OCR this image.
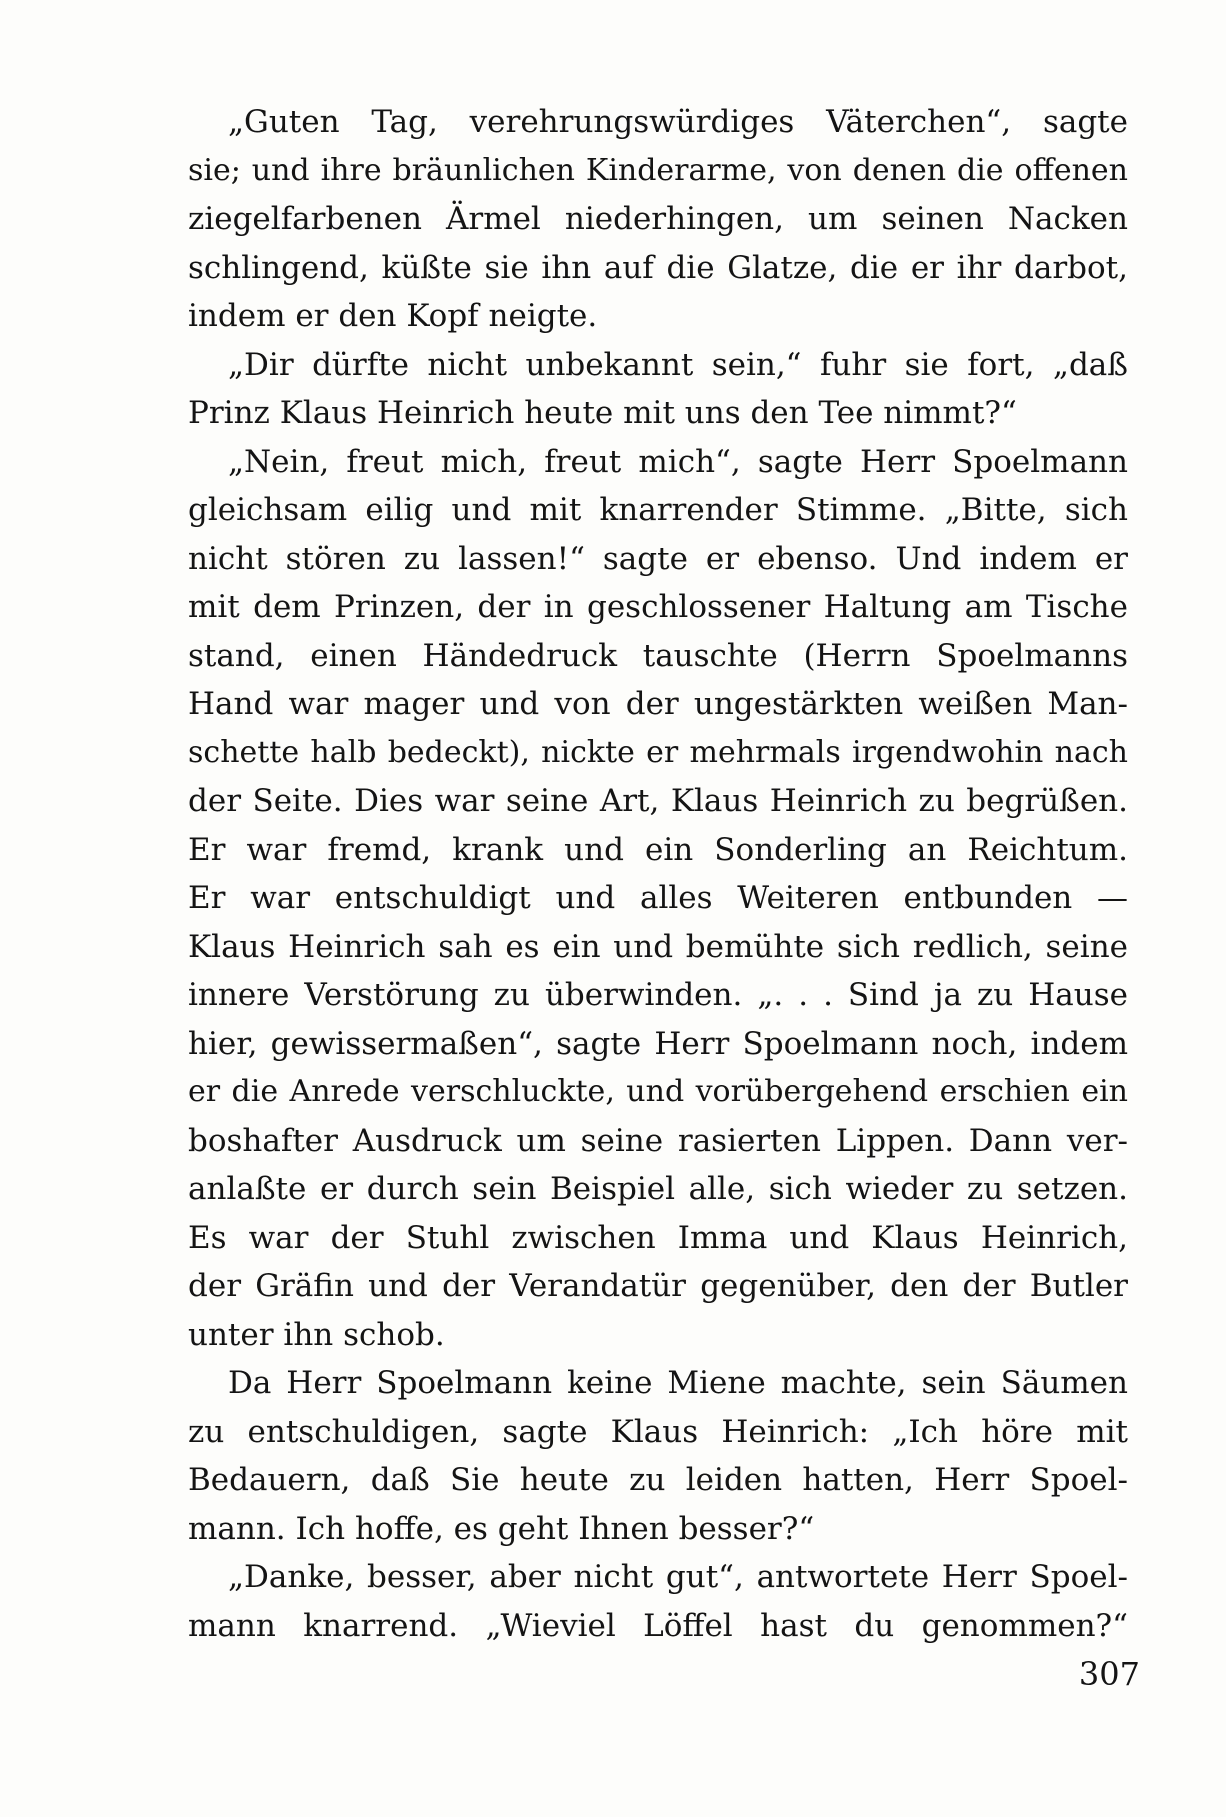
„Guten Tag, verehrungswürdiges Väterchen“, sagte
sie; und ihre bräunlichen Kinderarme, von denen die offenen
ziegelfarbenen Ärmel niederhingen, um seinen Nacken
schlingend, küßte sie ihn auf die Glatze, die er ihr darbot,
indem er den Kopf neigte.
„Dir dürfte nicht unbekannt sein,“ fuhr sie fort, „daß
Prinz Klaus Heinrich heute mit uns den Tee nimmt?“
„Nein, freut mich, freut mich“, sagte Herr Spoelmann
gleichsam eilig und mit knarrender Stimme. „Bitte, sich
nicht stören zu lassen!“ sagte er ebenso. Und indem er
mit dem Prinzen, der in geschlossener Haltung am Tische
stand, einen Händedruck tauschte (Herrn Spoelmanns
Hand war mager und von der ungestärkten weißen Man-
schette halb bedeckt), nickte er mehrmals irgendwohin nach
der Seite. Dies war seine Art, Klaus Heinrich zu begrüßen.
Er war fremd, krank und ein Sonderling an Reichtum.
Er war entschuldigt und alles Weiteren entbunden —
Klaus Heinrich sah es ein und bemühte sich redlich, seine
innere Verstörung zu überwinden. „. . . Sind ja zu Hause
hier, gewissermaßen“, sagte Herr Spoelmann noch, indem
er die Anrede verschluckte, und vorübergehend erschien ein
boshafter Ausdruck um seine rasierten Lippen. Dann ver-
anlaßte er durch sein Beispiel alle, sich wieder zu setzen.
Es war der Stuhl zwischen Imma und Klaus Heinrich,
der Gräfin und der Verandatür gegenüber, den der Butler
unter ihn schob.
Da Herr Spoelmann keine Miene machte, sein Säumen
zu entschuldigen, sagte Klaus Heinrich: „Ich höre mit
Bedauern, daß Sie heute zu leiden hatten, Herr Spoel-
mann. Ich hoffe, es geht Ihnen besser?“
„Danke, besser, aber nicht gut“, antwortete Herr Spoel-
mann knarrend. „Wieviel Löffel hast du genommen?“
307
